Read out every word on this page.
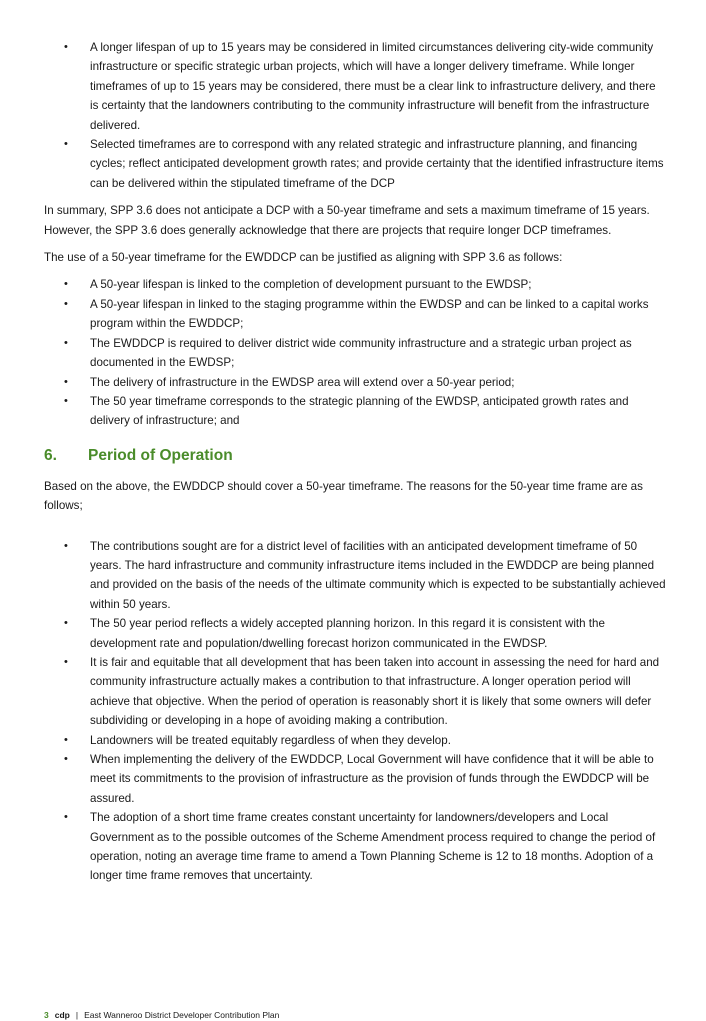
• A longer lifespan of up to 15 years may be considered in limited circumstances delivering city-wide community infrastructure or specific strategic urban projects, which will have a longer delivery timeframe. While longer timeframes of up to 15 years may be considered, there must be a clear link to infrastructure delivery, and there is certainty that the landowners contributing to the community infrastructure will benefit from the infrastructure delivered.
• Selected timeframes are to correspond with any related strategic and infrastructure planning, and financing cycles; reflect anticipated development growth rates; and provide certainty that the identified infrastructure items can be delivered within the stipulated timeframe of the DCP

In summary, SPP 3.6 does not anticipate a DCP with a 50-year timeframe and sets a maximum timeframe of 15 years. However, the SPP 3.6 does generally acknowledge that there are projects that require longer DCP timeframes.

The use of a 50-year timeframe for the EWDDCP can be justified as aligning with SPP 3.6 as follows:

• A 50-year lifespan is linked to the completion of development pursuant to the EWDSP;
• A 50-year lifespan in linked to the staging programme within the EWDSP and can be linked to a capital works program within the EWDDCP;
• The EWDDCP is required to deliver district wide community infrastructure and a strategic urban project as documented in the EWDSP;
• The delivery of infrastructure in the EWDSP area will extend over a 50-year period;
• The 50 year timeframe corresponds to the strategic planning of the EWDSP, anticipated growth rates and delivery of infrastructure; and
6.	Period of Operation

Based on the above, the EWDDCP should cover a 50-year timeframe. The reasons for the 50-year time frame are as follows;

• The contributions sought are for a district level of facilities with an anticipated development timeframe of 50 years. The hard infrastructure and community infrastructure items included in the EWDDCP are being planned and provided on the basis of the needs of the ultimate community which is expected to be substantially achieved within 50 years.
• The 50 year period reflects a widely accepted planning horizon. In this regard it is consistent with the development rate and population/dwelling forecast horizon communicated in the EWDSP.
• It is fair and equitable that all development that has been taken into account in assessing the need for hard and community infrastructure actually makes a contribution to that infrastructure. A longer operation period will achieve that objective. When the period of operation is reasonably short it is likely that some owners will defer subdividing or developing in a hope of avoiding making a contribution.
• Landowners will be treated equitably regardless of when they develop.
• When implementing the delivery of the EWDDCP, Local Government will have confidence that it will be able to meet its commitments to the provision of infrastructure as the provision of funds through the EWDDCP will be assured.
• The adoption of a short time frame creates constant uncertainty for landowners/developers and Local Government as to the possible outcomes of the Scheme Amendment process required to change the period of operation, noting an average time frame to amend a Town Planning Scheme is 12 to 18 months. Adoption of a longer time frame removes that uncertainty.
3 cdp | East Wanneroo District Developer Contribution Plan
